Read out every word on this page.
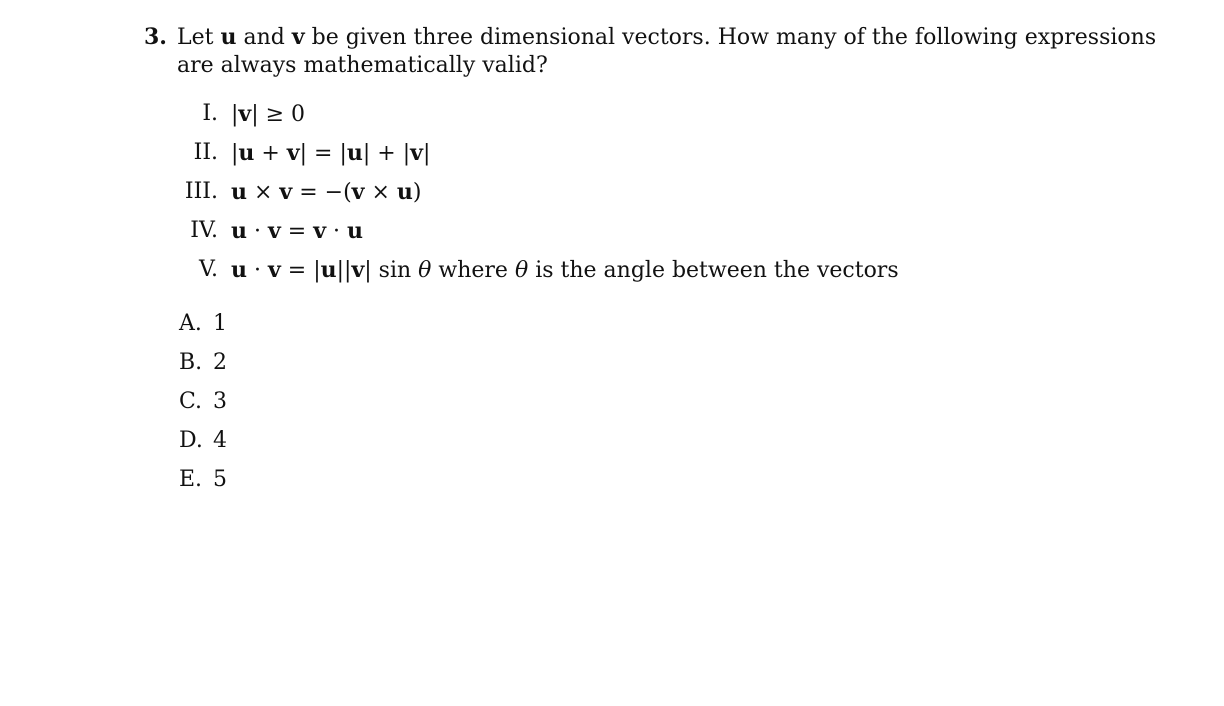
3. Let u and v be given three dimensional vectors. How many of the following expressions
are always mathematically valid?
I. |v| ≥ 0
II. |u + v| = |u| + |v|
III. u × v = −(v × u)
IV. u · v = v · u
V. u · v = |u||v| sin θ where θ is the angle between the vectors
A. 1
B. 2
C. 3
D. 4
E. 5
